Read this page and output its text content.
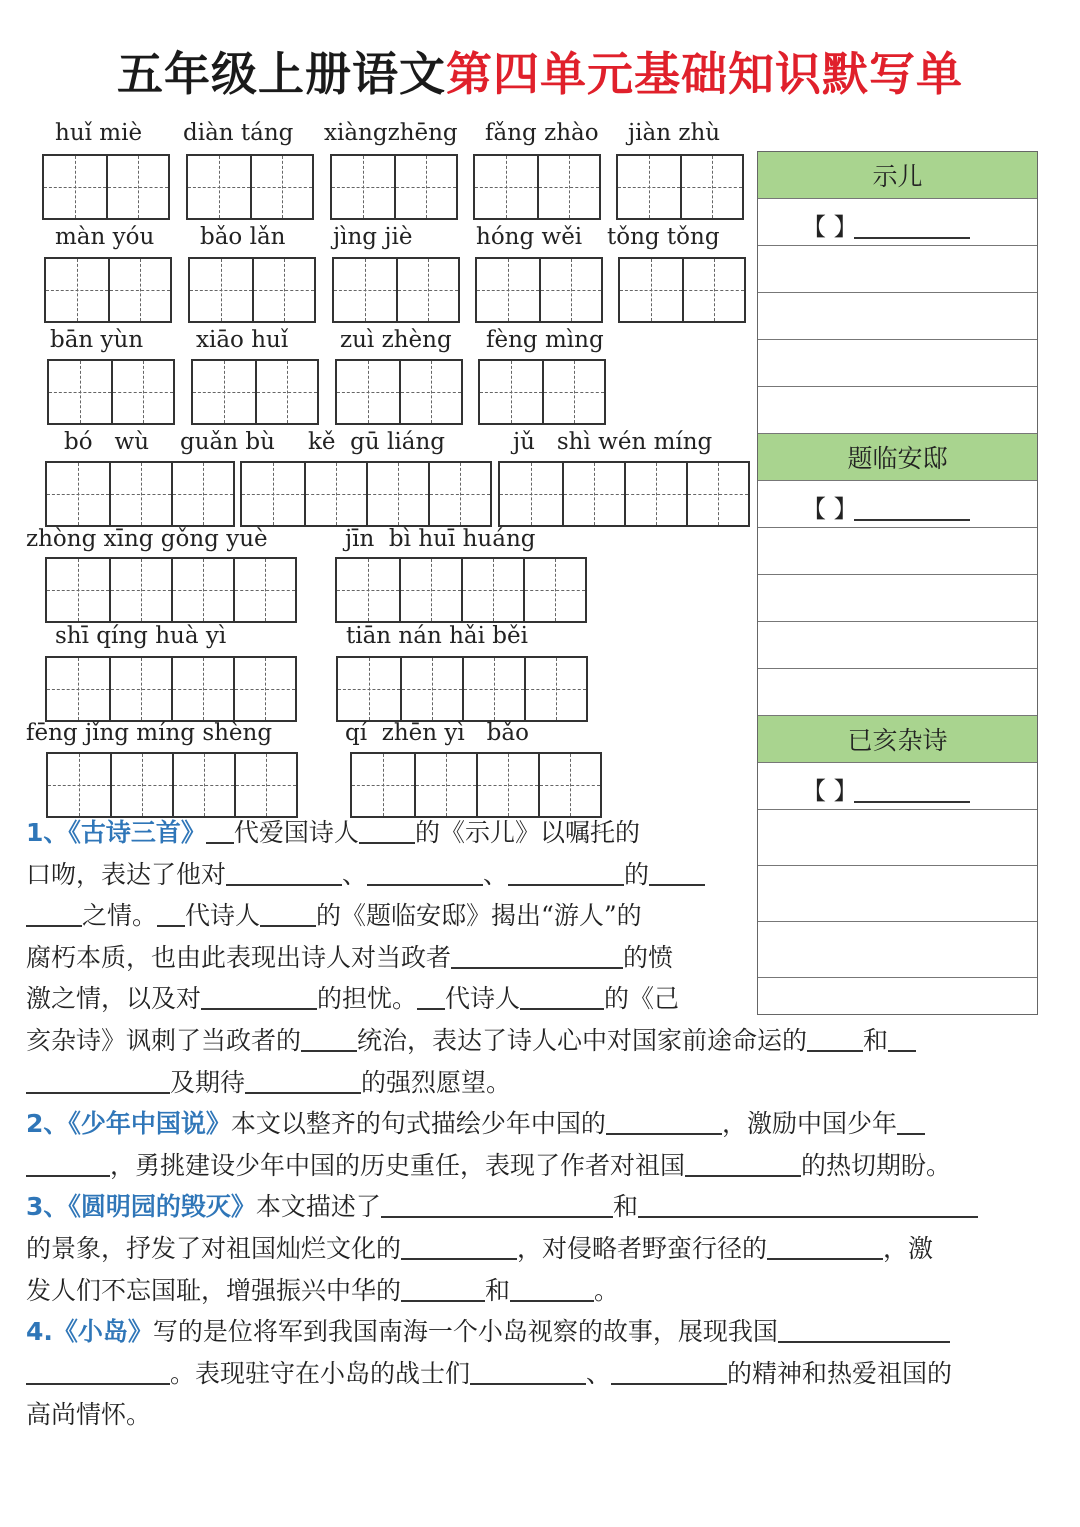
五年级上册语文第四单元基础知识默写单
huǐ miè diàn táng xiàngzhēng fǎng zhào jiàn zhù
màn yóu bǎo lǎn jìng jiè	hóng wěi tǒng tǒng
bān yùn xiāo huǐ zuì zhèng fèng mìng
bó   wù guǎn bù kě  gū liáng	jǔ   shì wén míng
zhòng xīng gǒng yuè	jīn  bì huī huáng
shī qíng huà yì	tiān nán hǎi běi
fēng jǐng míng shèng	qí  zhēn yì   bǎo
示儿
【 】
题临安邸
【 】
已亥杂诗
【 】
1、《古诗三首》 代爱国诗人 的《示儿》以嘱托的
口吻，表达了他对	、	、	的
之情。 代诗人 的《题临安邸》揭出“游人”的
腐朽本质，也由此表现出诗人对当政者	的愤
激之情，以及对	的担忧。 代诗人	的《己
亥杂诗》讽刺了当政者的 统治，表达了诗人心中对国家前途命运的 和
及期待	的强烈愿望。
2、《少年中国说》本文以整齐的句式描绘少年中国的	，激励中国少年
，勇挑建设少年中国的历史重任，表现了作者对祖国	的热切期盼。
3、《圆明园的毁灭》本文描述了	和
的景象，抒发了对祖国灿烂文化的	，对侵略者野蛮行径的	，激
发人们不忘国耻，增强振兴中华的	和	。
4.《小岛》写的是位将军到我国南海一个小岛视察的故事，展现我国
。表现驻守在小岛的战士们	、	的精神和热爱祖国的
高尚情怀。
